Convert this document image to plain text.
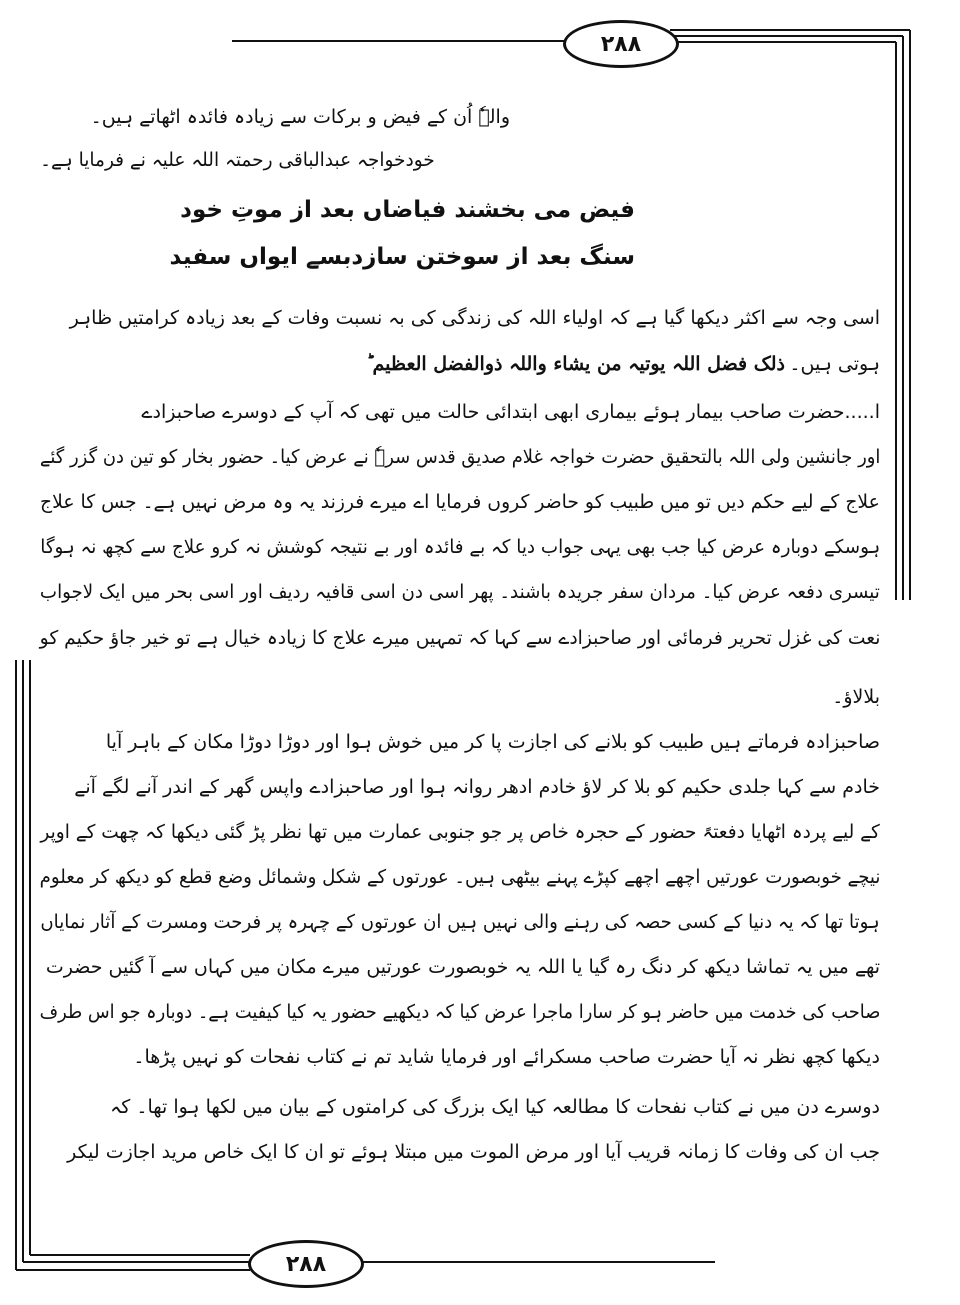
۲۸۸
۲۸۸
والےٗ اُن کے فیض و برکات سے زیادہ فائدہ اٹھاتے ہیں۔
خودخواجہ عبدالباقی رحمتہ اللہ علیہ نے فرمایا ہے۔
فیض می بخشند فیاضاں بعد از موتِ خود
سنگ بعد از سوختن سازدبسے ایواں سفید
اسی وجہ سے اکثر دیکھا گیا ہے کہ اولیاء اللہ کی زندگی کی بہ نسبت وفات کے بعد زیادہ کرامتیں ظاہر
ہوتی ہیں۔
ذلک فضل اللہ یوتیہ من یشاء واللہ ذوالفضل العظیم ؕ
ا.....حضرت صاحب بیمار ہوئے بیماری ابھی ابتدائی حالت میں تھی کہ آپ کے دوسرے صاحبزادے
اور جانشین ولی اللہ بالتحقیق حضرت خواجہ غلام صدیق قدس سرہٗ نے عرض کیا۔ حضور بخار کو تین دن گزر گئے
علاج کے لیے حکم دیں تو میں طبیب کو حاضر کروں فرمایا اے میرے فرزند یہ وہ مرض نہیں ہے۔ جس کا علاج
ہوسکے دوبارہ عرض کیا جب بھی یہی جواب دیا کہ بے فائدہ اور بے نتیجہ کوشش نہ کرو علاج سے کچھ نہ ہوگا
تیسری دفعہ عرض کیا۔ مردان سفر جریدہ باشند۔ پھر اسی دن اسی قافیہ ردیف اور اسی بحر میں ایک لاجواب
نعت کی غزل تحریر فرمائی اور صاحبزادے سے کہا کہ تمہیں میرے علاج کا زیادہ خیال ہے تو خیر جاؤ حکیم کو
بلالاؤ۔
صاحبزادہ فرماتے ہیں طبیب کو بلانے کی اجازت پا کر میں خوش ہوا اور دوڑا دوڑا مکان کے باہر آیا
خادم سے کہا جلدی حکیم کو بلا کر لاؤ خادم ادھر روانہ ہوا اور صاحبزادے واپس گھر کے اندر آنے لگے آنے
کے لیے پردہ اٹھایا دفعتہً حضور کے حجرہ خاص پر جو جنوبی عمارت میں تھا نظر پڑ گئی دیکھا کہ چھت کے اوپر
نیچے خوبصورت عورتیں اچھے اچھے کپڑے پہنے بیٹھی ہیں۔ عورتوں کے شکل وشمائل وضع قطع کو دیکھ کر معلوم
ہوتا تھا کہ یہ دنیا کے کسی حصہ کی رہنے والی نہیں ہیں ان عورتوں کے چہرہ پر فرحت ومسرت کے آثار نمایاں
تھے میں یہ تماشا دیکھ کر دنگ رہ گیا یا اللہ یہ خوبصورت عورتیں میرے مکان میں کہاں سے آ گئیں حضرت
صاحب کی خدمت میں حاضر ہو کر سارا ماجرا عرض کیا کہ دیکھیے حضور یہ کیا کیفیت ہے۔ دوبارہ جو اس طرف
دیکھا کچھ نظر نہ آیا حضرت صاحب مسکرائے اور فرمایا شاید تم نے کتاب نفحات کو نہیں پڑھا۔
دوسرے دن میں نے کتاب نفحات کا مطالعہ کیا ایک بزرگ کی کرامتوں کے بیان میں لکھا ہوا تھا۔ کہ
جب ان کی وفات کا زمانہ قریب آیا اور مرض الموت میں مبتلا ہوئے تو ان کا ایک خاص مرید اجازت لیکر
